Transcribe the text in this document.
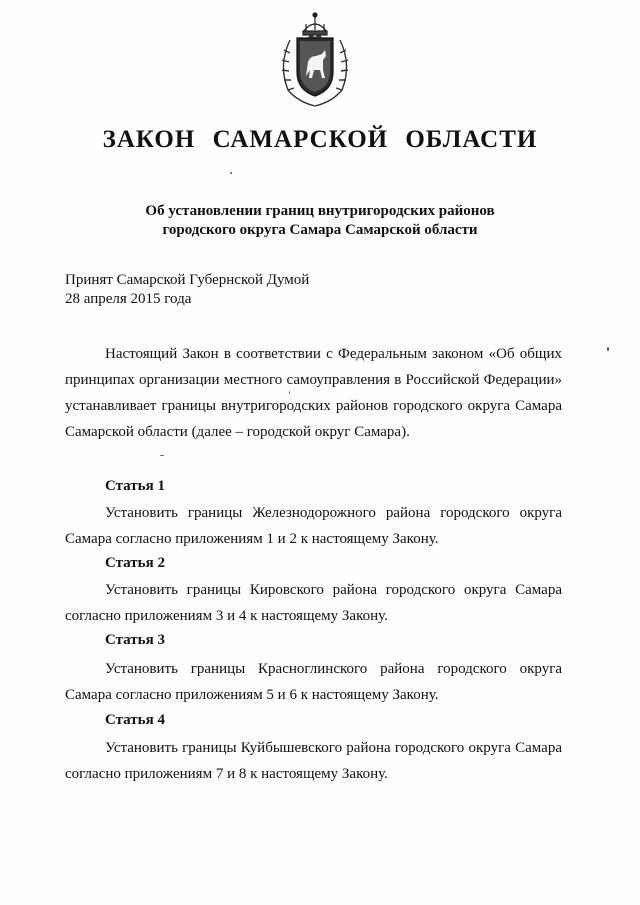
ЗАКОН САМАРСКОЙ ОБЛАСТИ
Об установлении границ внутригородских районов
городского округа Самара Самарской области
Принят Самарской Губернской Думой
28 апреля 2015 года
Настоящий Закон в соответствии с Федеральным законом «Об общих принципах организации местного самоуправления в Российской Федерации» устанавливает границы внутригородских районов городского округа Самара Самарской области (далее – городской округ Самара).
Статья 1
Установить границы Железнодорожного района городского округа Самара согласно приложениям 1 и 2 к настоящему Закону.
Статья 2
Установить границы Кировского района городского округа Самара согласно приложениям 3 и 4 к настоящему Закону.
Статья 3
Установить границы Красноглинского района городского округа Самара согласно приложениям 5 и 6 к настоящему Закону.
Статья 4
Установить границы Куйбышевского района городского округа Самара согласно приложениям 7 и 8 к настоящему Закону.
